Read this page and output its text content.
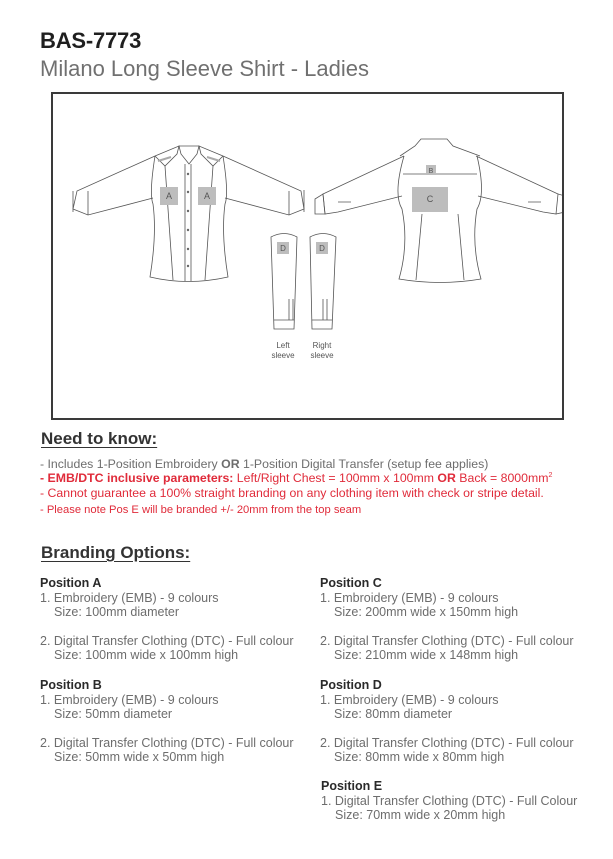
BAS-7773
Milano Long Sleeve Shirt - Ladies
A	A
B
C
D
Left
sleeve
D
Right
sleeve
Need to know:
- Includes 1-Position Embroidery OR 1-Position Digital Transfer (setup fee applies)
- EMB/DTC inclusive parameters: Left/Right Chest = 100mm x 100mm OR Back = $8000mm^2$
- Cannot guarantee a 100% straight branding on any clothing item with check or stripe detail.
- Please note Pos E will be branded +/- 20mm from the top seam
Branding Options:
Position A
1. Embroidery (EMB) - 9 colours
Size: 100mm diameter
2. Digital Transfer Clothing (DTC) - Full colour
Size: 100mm wide x 100mm high
Position B
1. Embroidery (EMB) - 9 colours
Size: 50mm diameter
2. Digital Transfer Clothing (DTC) - Full colour
Size: 50mm wide x 50mm high
Position C
1. Embroidery (EMB) - 9 colours
Size: 200mm wide x 150mm high
2. Digital Transfer Clothing (DTC) - Full colour
Size: 210mm wide x 148mm high
Position D
1. Embroidery (EMB) - 9 colours
Size: 80mm diameter
2. Digital Transfer Clothing (DTC) - Full colour
Size: 80mm wide x 80mm high
Position E
1. Digital Transfer Clothing (DTC) - Full Colour
Size: 70mm wide x 20mm high
